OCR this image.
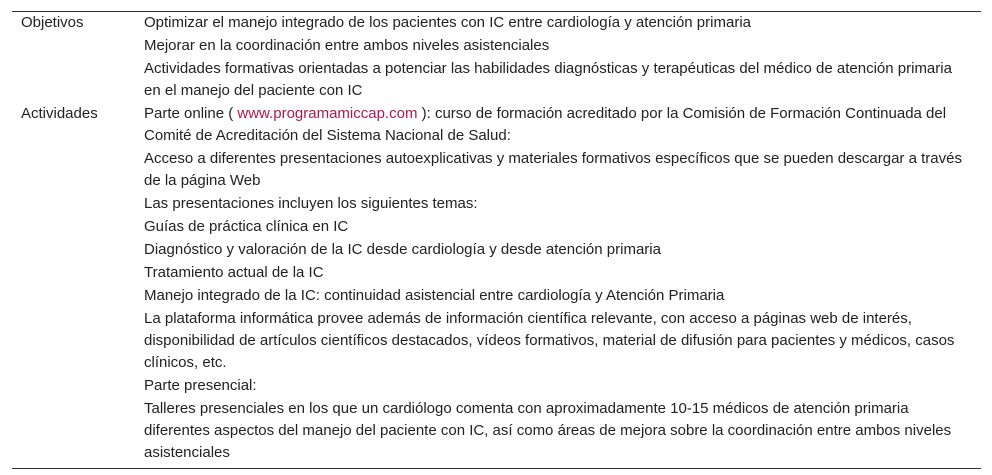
Objetivos	Optimizar el manejo integrado de los pacientes con IC entre cardiología y atención primaria
Mejorar en la coordinación entre ambos niveles asistenciales
Actividades formativas orientadas a potenciar las habilidades diagnósticas y terapéuticas del médico de atención primaria en el manejo del paciente con IC
Actividades	Parte online ( www.programamiccap.com ): curso de formación acreditado por la Comisión de Formación Continuada del Comité de Acreditación del Sistema Nacional de Salud:
Acceso a diferentes presentaciones autoexplicativas y materiales formativos específicos que se pueden descargar a través de la página Web
Las presentaciones incluyen los siguientes temas:
Guías de práctica clínica en IC
Diagnóstico y valoración de la IC desde cardiología y desde atención primaria
Tratamiento actual de la IC
Manejo integrado de la IC: continuidad asistencial entre cardiología y Atención Primaria
La plataforma informática provee además de información científica relevante, con acceso a páginas web de interés, disponibilidad de artículos científicos destacados, vídeos formativos, material de difusión para pacientes y médicos, casos clínicos, etc.
Parte presencial:
Talleres presenciales en los que un cardiólogo comenta con aproximadamente 10-15 médicos de atención primaria diferentes aspectos del manejo del paciente con IC, así como áreas de mejora sobre la coordinación entre ambos niveles asistenciales
